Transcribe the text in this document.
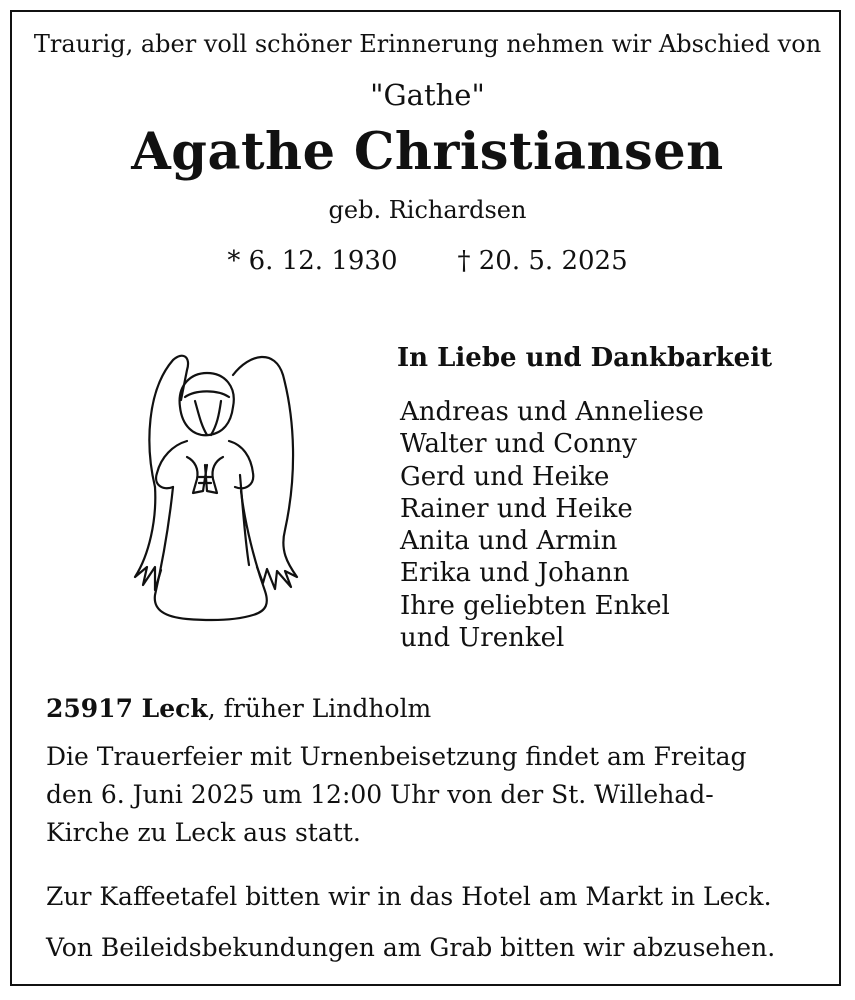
Traurig, aber voll schöner Erinnerung nehmen wir Abschied von

"Gathe"

Agathe Christiansen

geb. Richardsen

* 6. 12. 1930 † 20. 5. 2025

In Liebe und Dankbarkeit

Andreas und Anneliese
Walter und Conny
Gerd und Heike
Rainer und Heike
Anita und Armin
Erika und Johann
Ihre geliebten Enkel
und Urenkel

25917 Leck, früher Lindholm

Die Trauerfeier mit Urnenbeisetzung findet am Freitag
den 6. Juni 2025 um 12:00 Uhr von der St. Willehad-
Kirche zu Leck aus statt.

Zur Kaffeetafel bitten wir in das Hotel am Markt in Leck.

Von Beileidsbekundungen am Grab bitten wir abzusehen.
